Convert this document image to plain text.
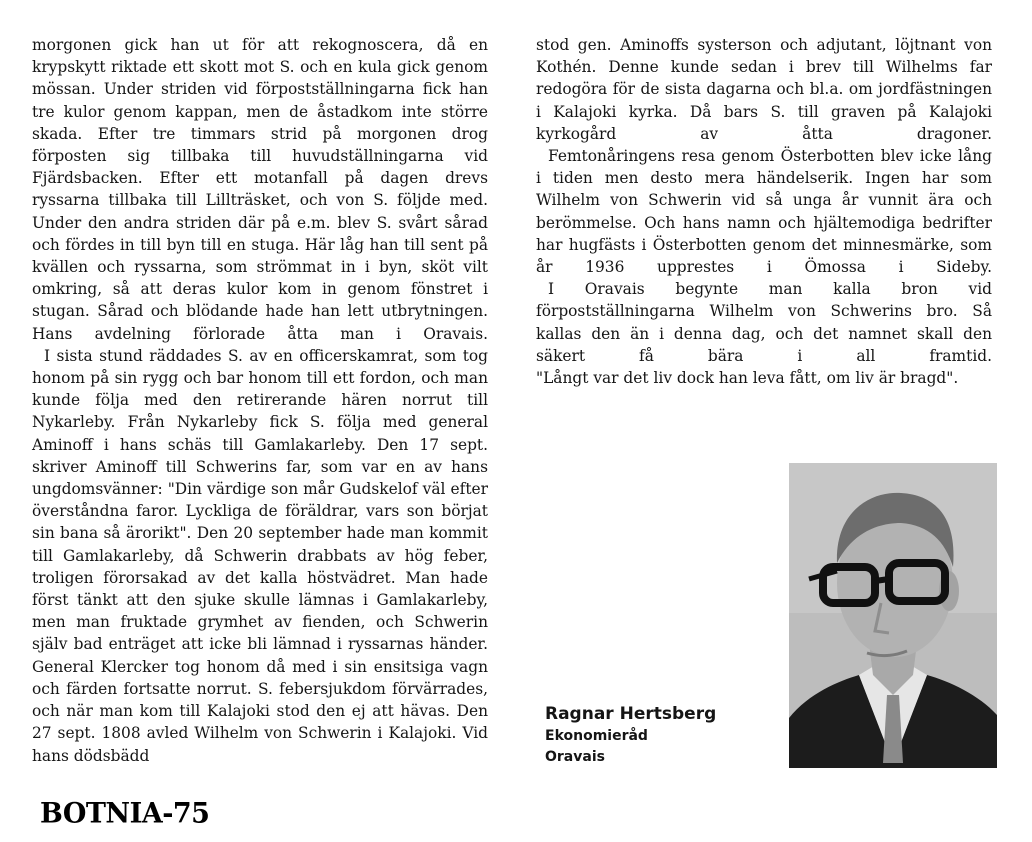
morgonen gick han ut för att rekognoscera, då en krypskytt riktade ett skott mot S. och en kula gick genom mössan. Under striden vid förpostställningarna fick han tre kulor genom kappan, men de åstadkom inte större skada. Efter tre timmars strid på morgonen drog förposten sig tillbaka till huvudställningarna vid Fjärdsbacken. Efter ett motanfall på dagen drevs ryssarna tillbaka till Lillträsket, och von S. följde med. Under den andra striden där på e.m. blev S. svårt sårad och fördes in till byn till en stuga. Här låg han till sent på kvällen och ryssarna, som strömmat in i byn, sköt vilt omkring, så att deras kulor kom in genom fönstret i stugan. Sårad och blödande hade han lett utbrytningen. Hans avdelning förlorade åtta man i Oravais.

I sista stund räddades S. av en officerskamrat, som tog honom på sin rygg och bar honom till ett fordon, och man kunde följa med den retirerande hären norrut till Nykarleby. Från Nykarleby fick S. följa med general Aminoff i hans schäs till Gamlakarleby. Den 17 sept. skriver Aminoff till Schwerins far, som var en av hans ungdomsvänner: "Din värdige son mår Gudskelof väl efter överståndna faror. Lyckliga de föräldrar, vars son börjat sin bana så ärorikt". Den 20 september hade man kommit till Gamlakarleby, då Schwerin drabbats av hög feber, troligen förorsakad av det kalla höstvädret. Man hade först tänkt att den sjuke skulle lämnas i Gamlakarleby, men man fruktade grymhet av fienden, och Schwerin själv bad enträget att icke bli lämnad i ryssarnas händer. General Klercker tog honom då med i sin ensitsiga vagn och färden fortsatte norrut. S. febersjukdom förvärrades, och när man kom till Kalajoki stod den ej att hävas. Den 27 sept. 1808 avled Wilhelm von Schwerin i Kalajoki. Vid hans dödsbädd

stod gen. Aminoffs systerson och adjutant, löjtnant von Kothén. Denne kunde sedan i brev till Wilhelms far redogöra för de sista dagarna och bl.a. om jordfästningen i Kalajoki kyrka. Då bars S. till graven på Kalajoki kyrkogård av åtta dragoner.

Femtonåringens resa genom Österbotten blev icke lång i tiden men desto mera händelserik. Ingen har som Wilhelm von Schwerin vid så unga år vunnit ära och berömmelse. Och hans namn och hjältemodiga bedrifter har hugfästs i Österbotten genom det minnesmärke, som år 1936 upprestes i Ömossa i Sideby.

I Oravais begynte man kalla bron vid förpostställningarna Wilhelm von Schwerins bro. Så kallas den än i denna dag, och det namnet skall den säkert få bära i all framtid.

"Långt var det liv dock han leva fått, om liv är bragd".

Ragnar Hertsberg
Ekonomieråd
Oravais
BOTNIA-75
